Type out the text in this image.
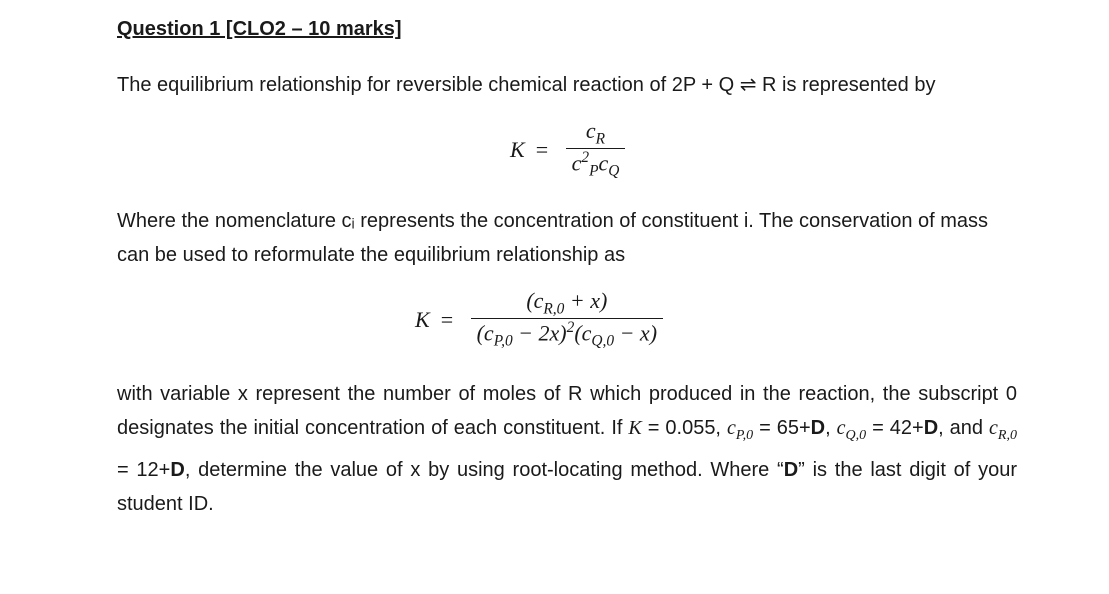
Question 1 [CLO2 – 10 marks]
The equilibrium relationship for reversible chemical reaction of 2P + Q ⇌ R is represented by
$K = \frac{c_R}{c^2_Pc_Q}$
Where the nomenclature cᵢ represents the concentration of constituent i. The conservation of mass can be used to reformulate the equilibrium relationship as
$K = \frac{(c_{R,0} + x)}{(c_{P,0} - 2x)^2(c_{Q,0} - x)}$
with variable x represent the number of moles of R which produced in the reaction, the subscript 0 designates the initial concentration of each constituent. If K = 0.055, $c_{P,0} = 65+D$, $c_{Q,0} = 42+D$, and $c_{R,0} = 12+D$, determine the value of x by using root-locating method. Where “D” is the last digit of your student ID.
